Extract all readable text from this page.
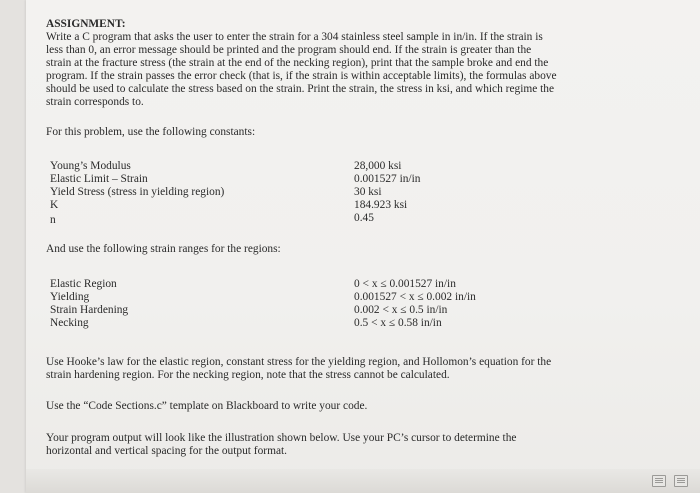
ASSIGNMENT:
Write a C program that asks the user to enter the strain for a 304 stainless steel sample in in/in. If the strain is
less than 0, an error message should be printed and the program should end. If the strain is greater than the
strain at the fracture stress (the strain at the end of the necking region), print that the sample broke and end the
program. If the strain passes the error check (that is, if the strain is within acceptable limits), the formulas above
should be used to calculate the stress based on the strain. Print the strain, the stress in ksi, and which regime the
strain corresponds to.
For this problem, use the following constants:
Young’s Modulus
Elastic Limit – Strain
Yield Stress (stress in yielding region)
K
n
28,000 ksi
0.001527 in/in
30 ksi
184.923 ksi
0.45
And use the following strain ranges for the regions:
Elastic Region
Yielding
Strain Hardening
Necking
0 < x ≤ 0.001527 in/in
0.001527 < x ≤ 0.002 in/in
0.002 < x ≤ 0.5 in/in
0.5 < x ≤ 0.58 in/in
Use Hooke’s law for the elastic region, constant stress for the yielding region, and Hollomon’s equation for the
strain hardening region. For the necking region, note that the stress cannot be calculated.
Use the “Code Sections.c” template on Blackboard to write your code.
Your program output will look like the illustration shown below. Use your PC’s cursor to determine the
horizontal and vertical spacing for the output format.
